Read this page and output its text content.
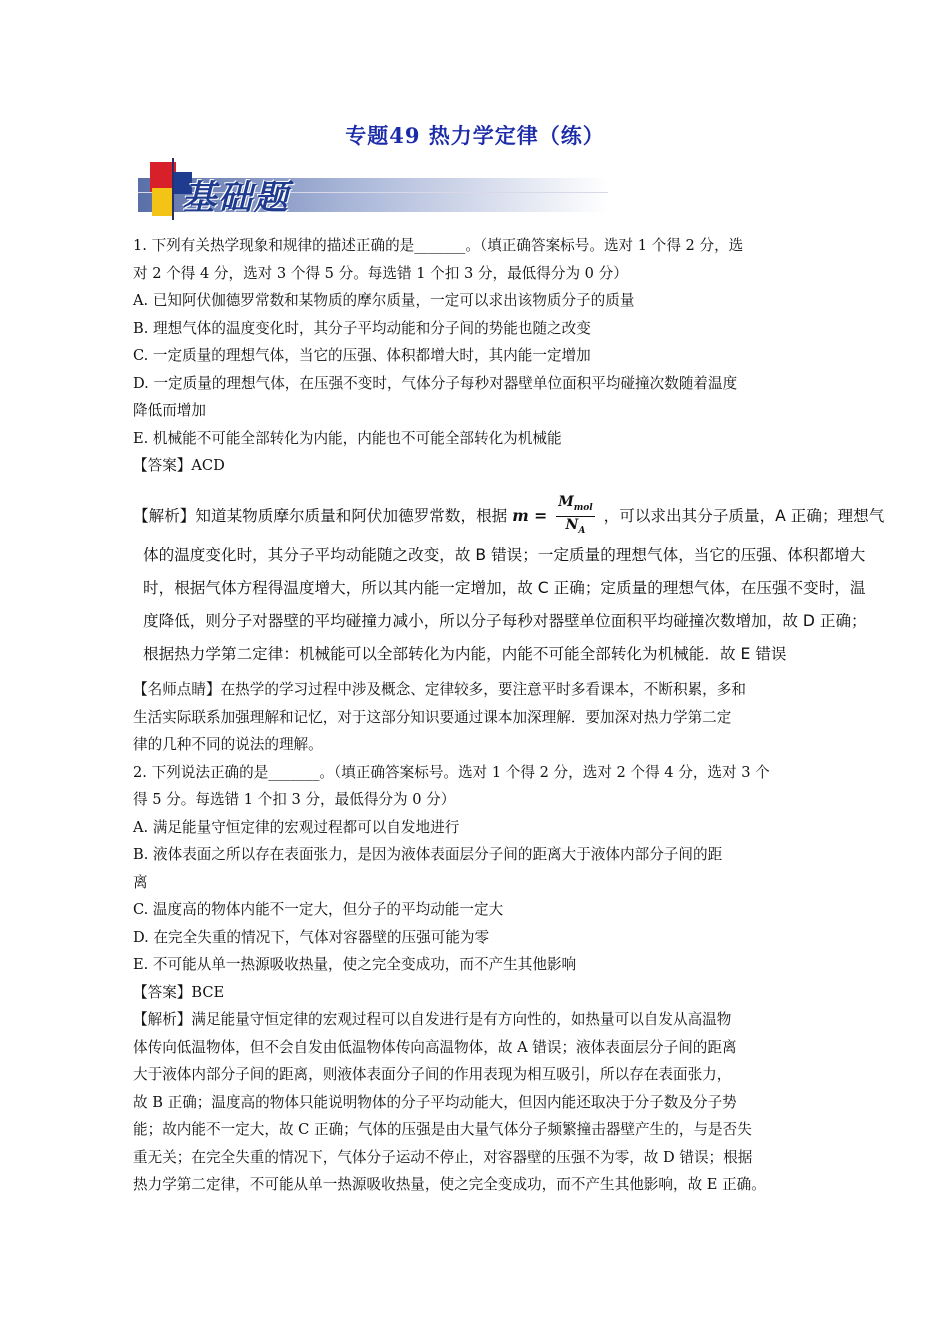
专题49 热力学定律（练）
基础题

1. 下列有关热学现象和规律的描述正确的是_______。（填正确答案标号。选对 1 个得 2 分，选

对 2 个得 4 分，选对 3 个得 5 分。每选错 1 个扣 3 分，最低得分为 0 分）

A. 已知阿伏伽德罗常数和某物质的摩尔质量，一定可以求出该物质分子的质量

B. 理想气体的温度变化时，其分子平均动能和分子间的势能也随之改变

C. 一定质量的理想气体，当它的压强、体积都增大时，其内能一定增加

D. 一定质量的理想气体，在压强不变时，气体分子每秒对器壁单位面积平均碰撞次数随着温度

降低而增加

E. 机械能不可能全部转化为内能，内能也不可能全部转化为机械能

【答案】ACD

【解析】知道某物质摩尔质量和阿伏加德罗常数，根据 $m = \frac{M_{mol}}{N_A}$ ，可以求出其分子质量，A 正确；理想气

体的温度变化时，其分子平均动能随之改变，故 B 错误；一定质量的理想气体，当它的压强、体积都增大

时，根据气体方程得温度增大，所以其内能一定增加，故 C 正确；定质量的理想气体，在压强不变时，温

度降低，则分子对器壁的平均碰撞力减小，所以分子每秒对器壁单位面积平均碰撞次数增加，故 D 正确；

根据热力学第二定律：机械能可以全部转化为内能，内能不可能全部转化为机械能．故 E 错误

【名师点睛】在热学的学习过程中涉及概念、定律较多，要注意平时多看课本，不断积累，多和

生活实际联系加强理解和记忆，对于这部分知识要通过课本加深理解．要加深对热力学第二定

律的几种不同的说法的理解。

2. 下列说法正确的是_______。（填正确答案标号。选对 1 个得 2 分，选对 2 个得 4 分，选对 3 个

得 5 分。每选错 1 个扣 3 分，最低得分为 0 分）

A. 满足能量守恒定律的宏观过程都可以自发地进行

B. 液体表面之所以存在表面张力，是因为液体表面层分子间的距离大于液体内部分子间的距

离

C. 温度高的物体内能不一定大，但分子的平均动能一定大

D. 在完全失重的情况下，气体对容器壁的压强可能为零

E. 不可能从单一热源吸收热量，使之完全变成功，而不产生其他影响

【答案】BCE

【解析】满足能量守恒定律的宏观过程可以自发进行是有方向性的，如热量可以自发从高温物

体传向低温物体，但不会自发由低温物体传向高温物体，故 A 错误；液体表面层分子间的距离

大于液体内部分子间的距离，则液体表面分子间的作用表现为相互吸引，所以存在表面张力，

故 B 正确；温度高的物体只能说明物体的分子平均动能大，但因内能还取决于分子数及分子势

能；故内能不一定大，故 C 正确；气体的压强是由大量气体分子频繁撞击器壁产生的，与是否失

重无关；在完全失重的情况下，气体分子运动不停止，对容器壁的压强不为零，故 D 错误；根据

热力学第二定律，不可能从单一热源吸收热量，使之完全变成功，而不产生其他影响，故 E 正确。
